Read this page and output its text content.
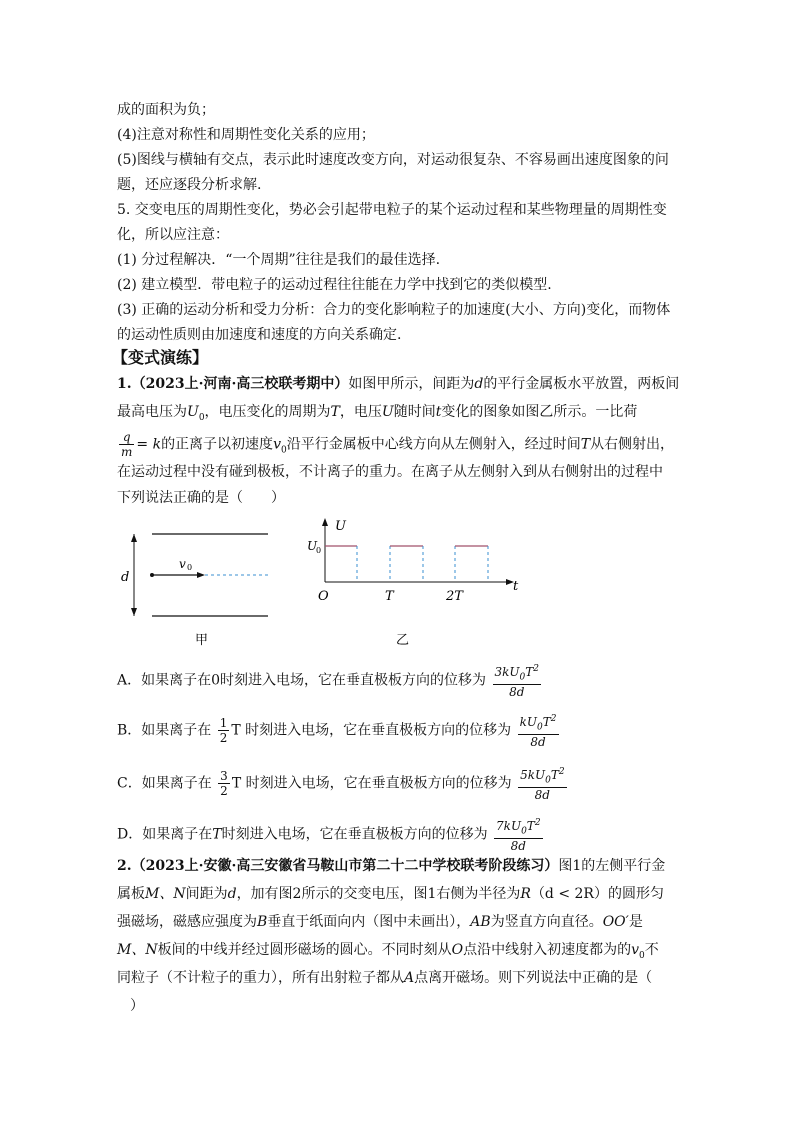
成的面积为负；
(4)注意对称性和周期性变化关系的应用；
(5)图线与横轴有交点，表示此时速度改变方向，对运动很复杂、不容易画出速度图象的问
题，还应逐段分析求解.
5. 交变电压的周期性变化，势必会引起带电粒子的某个运动过程和某些物理量的周期性变
化，所以应注意：
(1) 分过程解决．“一个周期”往往是我们的最佳选择.
(2) 建立模型．带电粒子的运动过程往往能在力学中找到它的类似模型.
(3) 正确的运动分析和受力分析：合力的变化影响粒子的加速度(大小、方向)变化，而物体
的运动性质则由加速度和速度的方向关系确定.
【变式演练】
1.（2023上·河南·高三校联考期中）如图甲所示，间距为d的平行金属板水平放置，两板间
最高电压为$U_0$，电压变化的周期为T，电压U随时间t变化的图象如图乙所示。一比荷
$\frac{q}{m} = k$的正离子以初速度$v_0$沿平行金属板中心线方向从左侧射入，经过时间T从右侧射出，
在运动过程中没有碰到极板，不计离子的重力。在离子从左侧射入到从右侧射出的过程中
下列说法正确的是（　　）
d
v 0
甲
U
U
0
t
O	T	2T
乙
A．如果离子在0时刻进入电场，它在垂直极板方向的位移为 $\frac{3kU_0T^2}{8d}$
B．如果离子在 $\frac{1}{2}$ T 时刻进入电场，它在垂直极板方向的位移为 $\frac{kU_0T^2}{8d}$
C．如果离子在 $\frac{3}{2}$ T 时刻进入电场，它在垂直极板方向的位移为 $\frac{5kU_0T^2}{8d}$
D．如果离子在T时刻进入电场，它在垂直极板方向的位移为 $\frac{7kU_0T^2}{8d}$
2.（2023上·安徽·高三安徽省马鞍山市第二十二中学校联考阶段练习）图1的左侧平行金
属板M、N间距为d，加有图2所示的交变电压，图1右侧为半径为R（d < 2R）的圆形匀
强磁场，磁感应强度为B垂直于纸面向内（图中未画出），AB为竖直方向直径。OO′是
M、N板间的中线并经过圆形磁场的圆心。不同时刻从O点沿中线射入初速度都为的$v_0$不
同粒子（不计粒子的重力），所有出射粒子都从A点离开磁场。则下列说法中正确的是（
）
